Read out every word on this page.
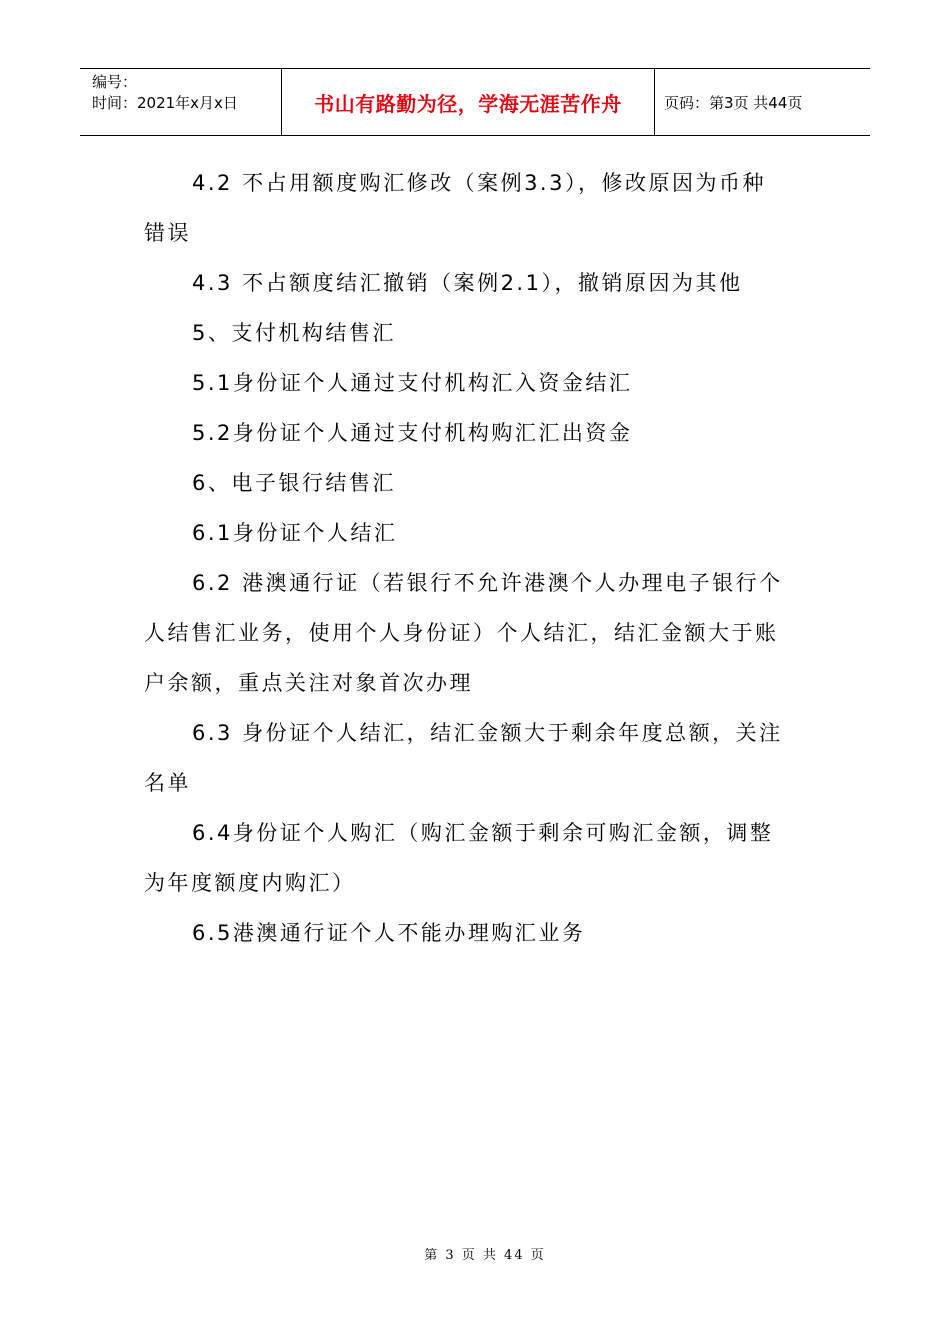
编号：
时间：2021年x月x日	书山有路勤为径，学海无涯苦作舟	页码：第3页 共44页

4.2 不占用额度购汇修改（案例3.3），修改原因为币种
错误

4.3 不占额度结汇撤销（案例2.1），撤销原因为其他

5、支付机构结售汇

5.1身份证个人通过支付机构汇入资金结汇

5.2身份证个人通过支付机构购汇汇出资金

6、电子银行结售汇

6.1身份证个人结汇

6.2 港澳通行证（若银行不允许港澳个人办理电子银行个
人结售汇业务，使用个人身份证）个人结汇，结汇金额大于账
户余额，重点关注对象首次办理

6.3 身份证个人结汇，结汇金额大于剩余年度总额，关注
名单

6.4身份证个人购汇（购汇金额于剩余可购汇金额，调整
为年度额度内购汇）

6.5港澳通行证个人不能办理购汇业务

第 3 页 共 44 页
